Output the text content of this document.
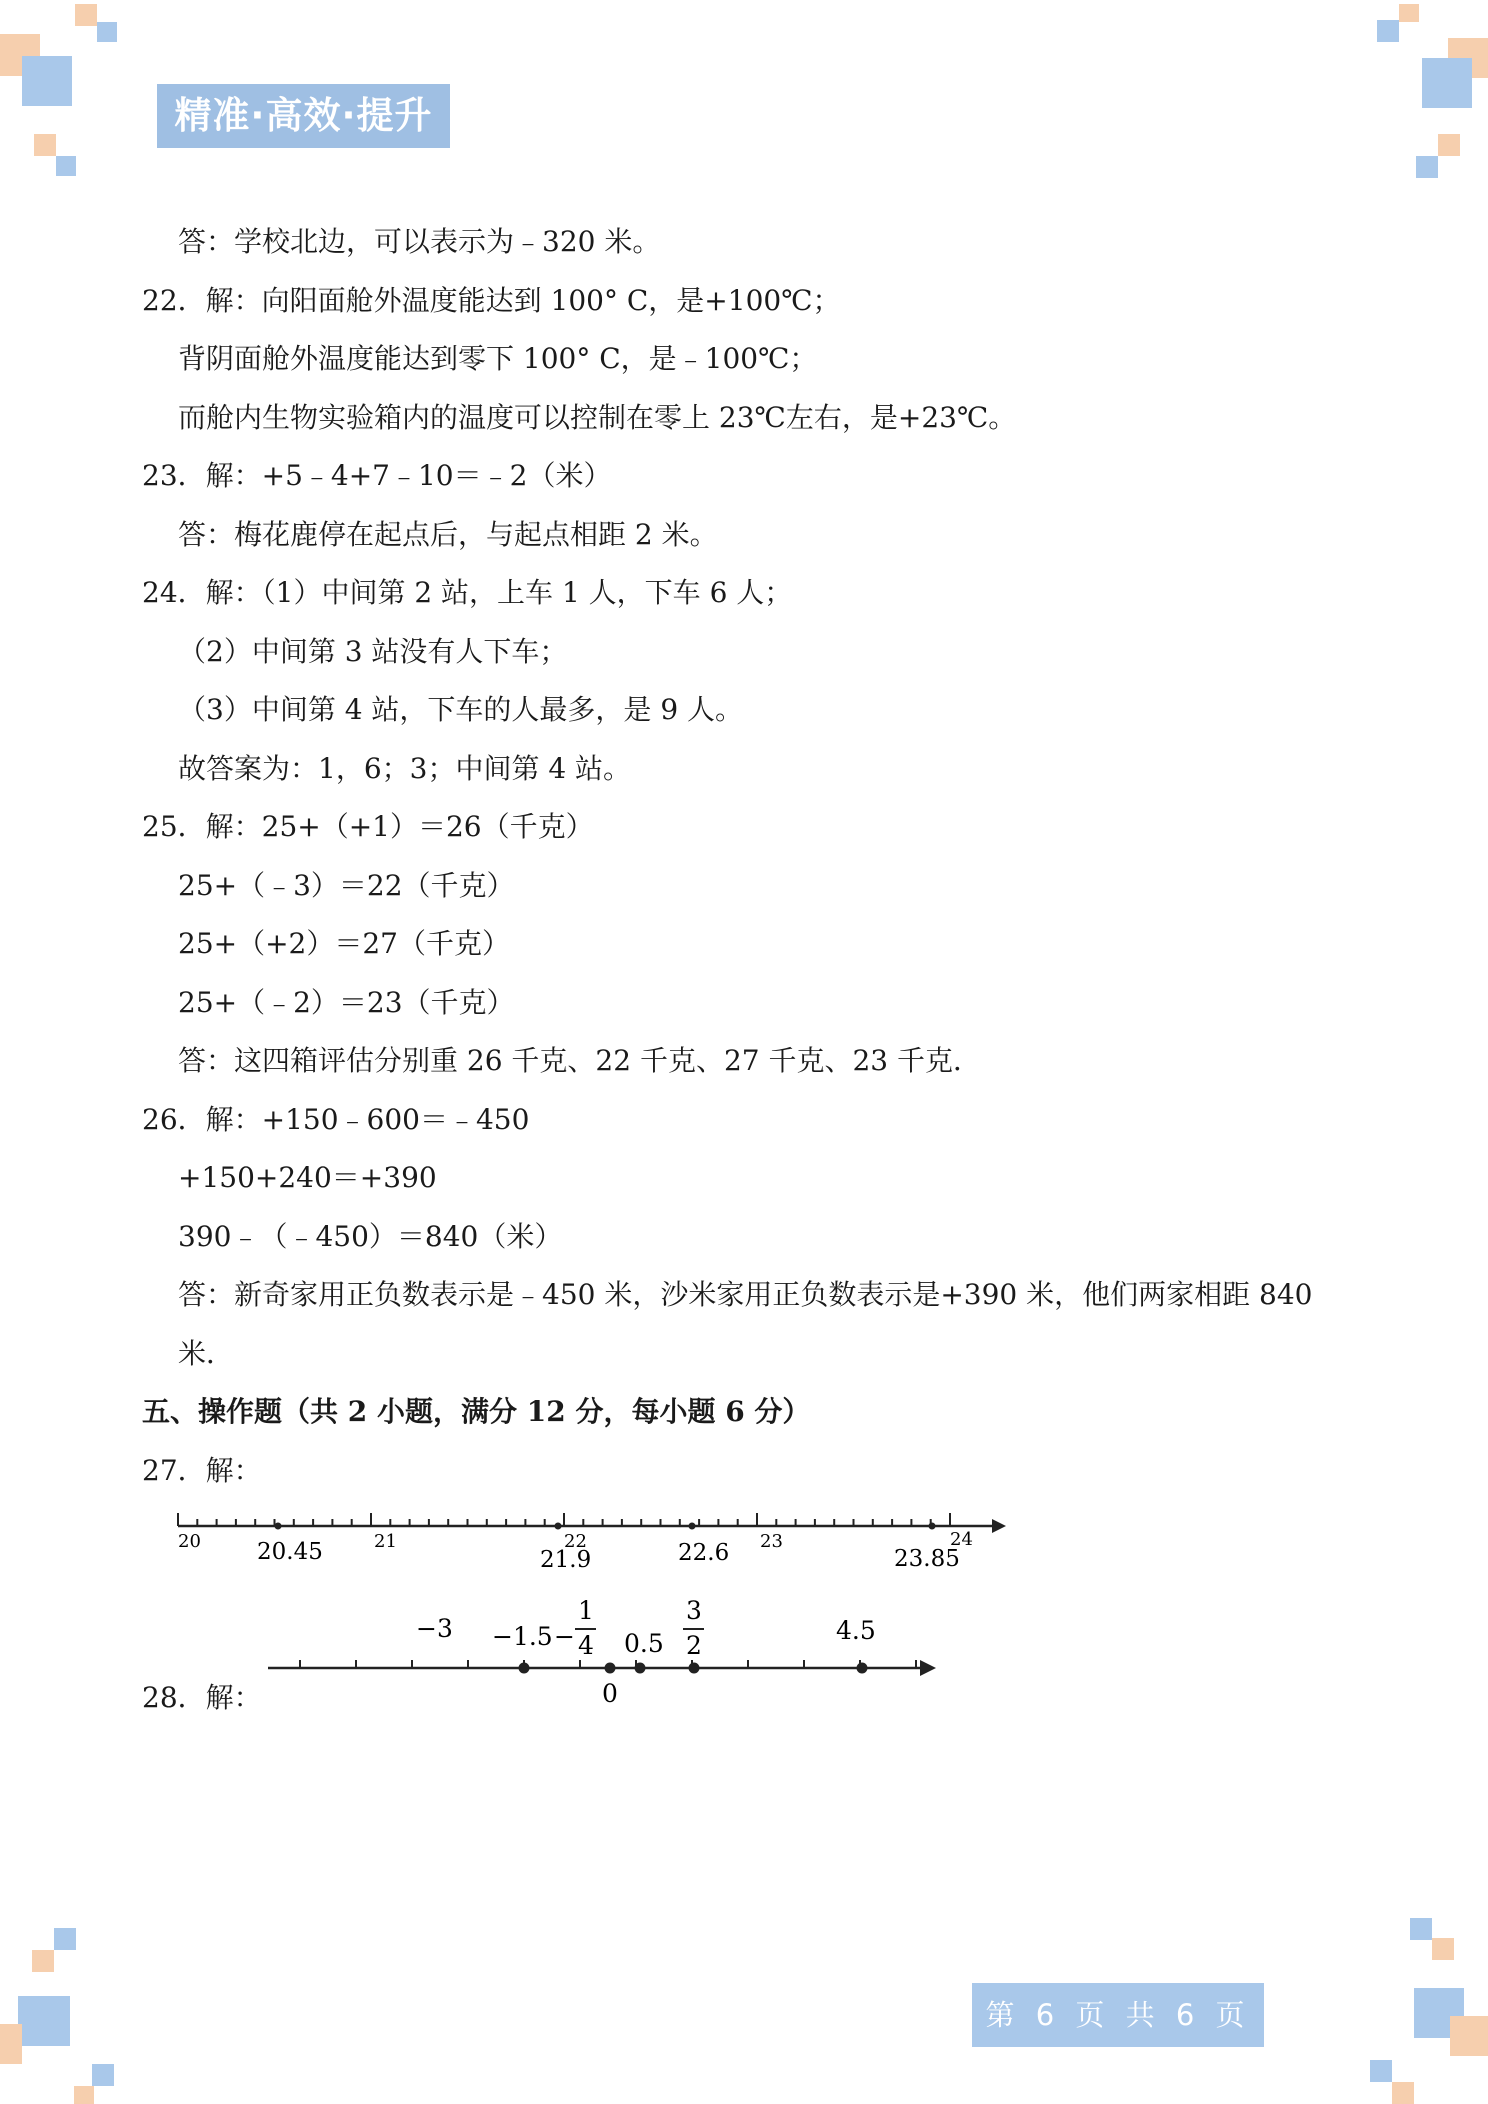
精准·高效·提升
答：学校北边，可以表示为﹣320 米。
22．解：向阳面舱外温度能达到 100° C，是+100℃；
背阴面舱外温度能达到零下 100° C，是﹣100℃；
而舱内生物实验箱内的温度可以控制在零上 23℃左右，是+23℃。
23．解：+5﹣4+7﹣10＝﹣2（米）
答：梅花鹿停在起点后，与起点相距 2 米。
24．解：（1）中间第 2 站，上车 1 人，下车 6 人；
（2）中间第 3 站没有人下车；
（3）中间第 4 站，下车的人最多，是 9 人。
故答案为：1，6；3；中间第 4 站。
25．解：25+（+1）＝26（千克）
25+（﹣3）＝22（千克）
25+（+2）＝27（千克）
25+（﹣2）＝23（千克）
答：这四箱评估分别重 26 千克、22 千克、27 千克、23 千克．
26．解：+150﹣600＝﹣450
+150+240＝+390
390﹣（﹣450）＝840（米）
答：新奇家用正负数表示是﹣450 米，沙米家用正负数表示是+390 米，他们两家相距 840
米．
五、操作题（共 2 小题，满分 12 分，每小题 6 分）
27．解：
20	21	22	23	24
20.45	21.9	22.6	23.85
28．解：
−3 −1.5 −
1
4 0.5
3
2
4.5
0
第 6 页 共 6 页
